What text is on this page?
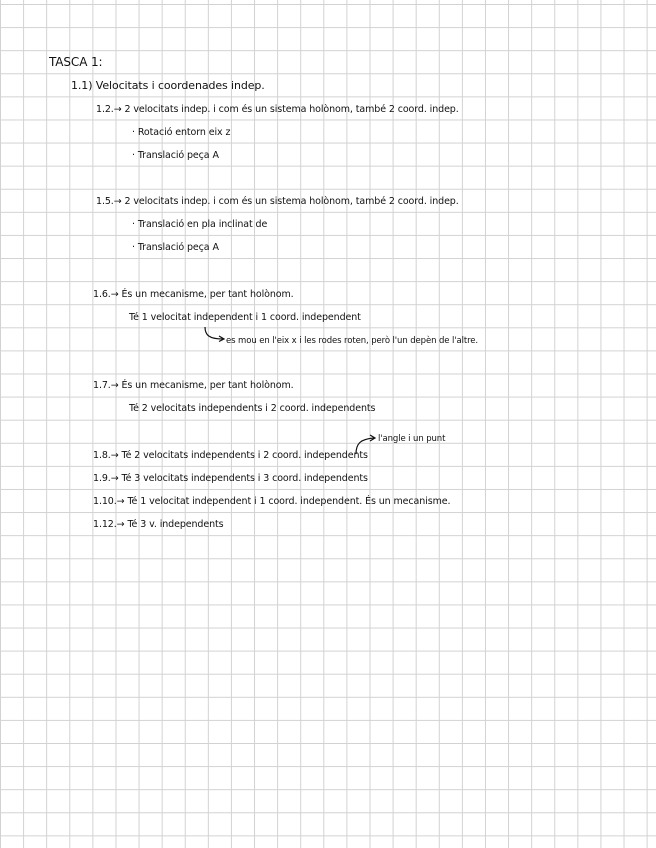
TASCA 1:
1.1) Velocitats i coordenades indep.
1.2.→ 2 velocitats indep. i com és un sistema holònom, també 2 coord. indep.
· Rotació entorn eix z
· Translació peça A
1.5.→ 2 velocitats indep. i com és un sistema holònom, també 2 coord. indep.
· Translació en pla inclinat de
· Translació peça A
1.6.→ És un mecanisme, per tant holònom.
Té 1 velocitat independent i 1 coord. independent
es mou en l'eix x i les rodes roten, però l'un depèn de l'altre.
1.7.→ És un mecanisme, per tant holònom.
Té 2 velocitats independents i 2 coord. independents
l'angle i un punt
1.8.→ Té 2 velocitats independents i 2 coord. independents
1.9.→ Té 3 velocitats independents i 3 coord. independents
1.10.→ Té 1 velocitat independent i 1 coord. independent. És un mecanisme.
1.12.→ Té 3 v. independents
